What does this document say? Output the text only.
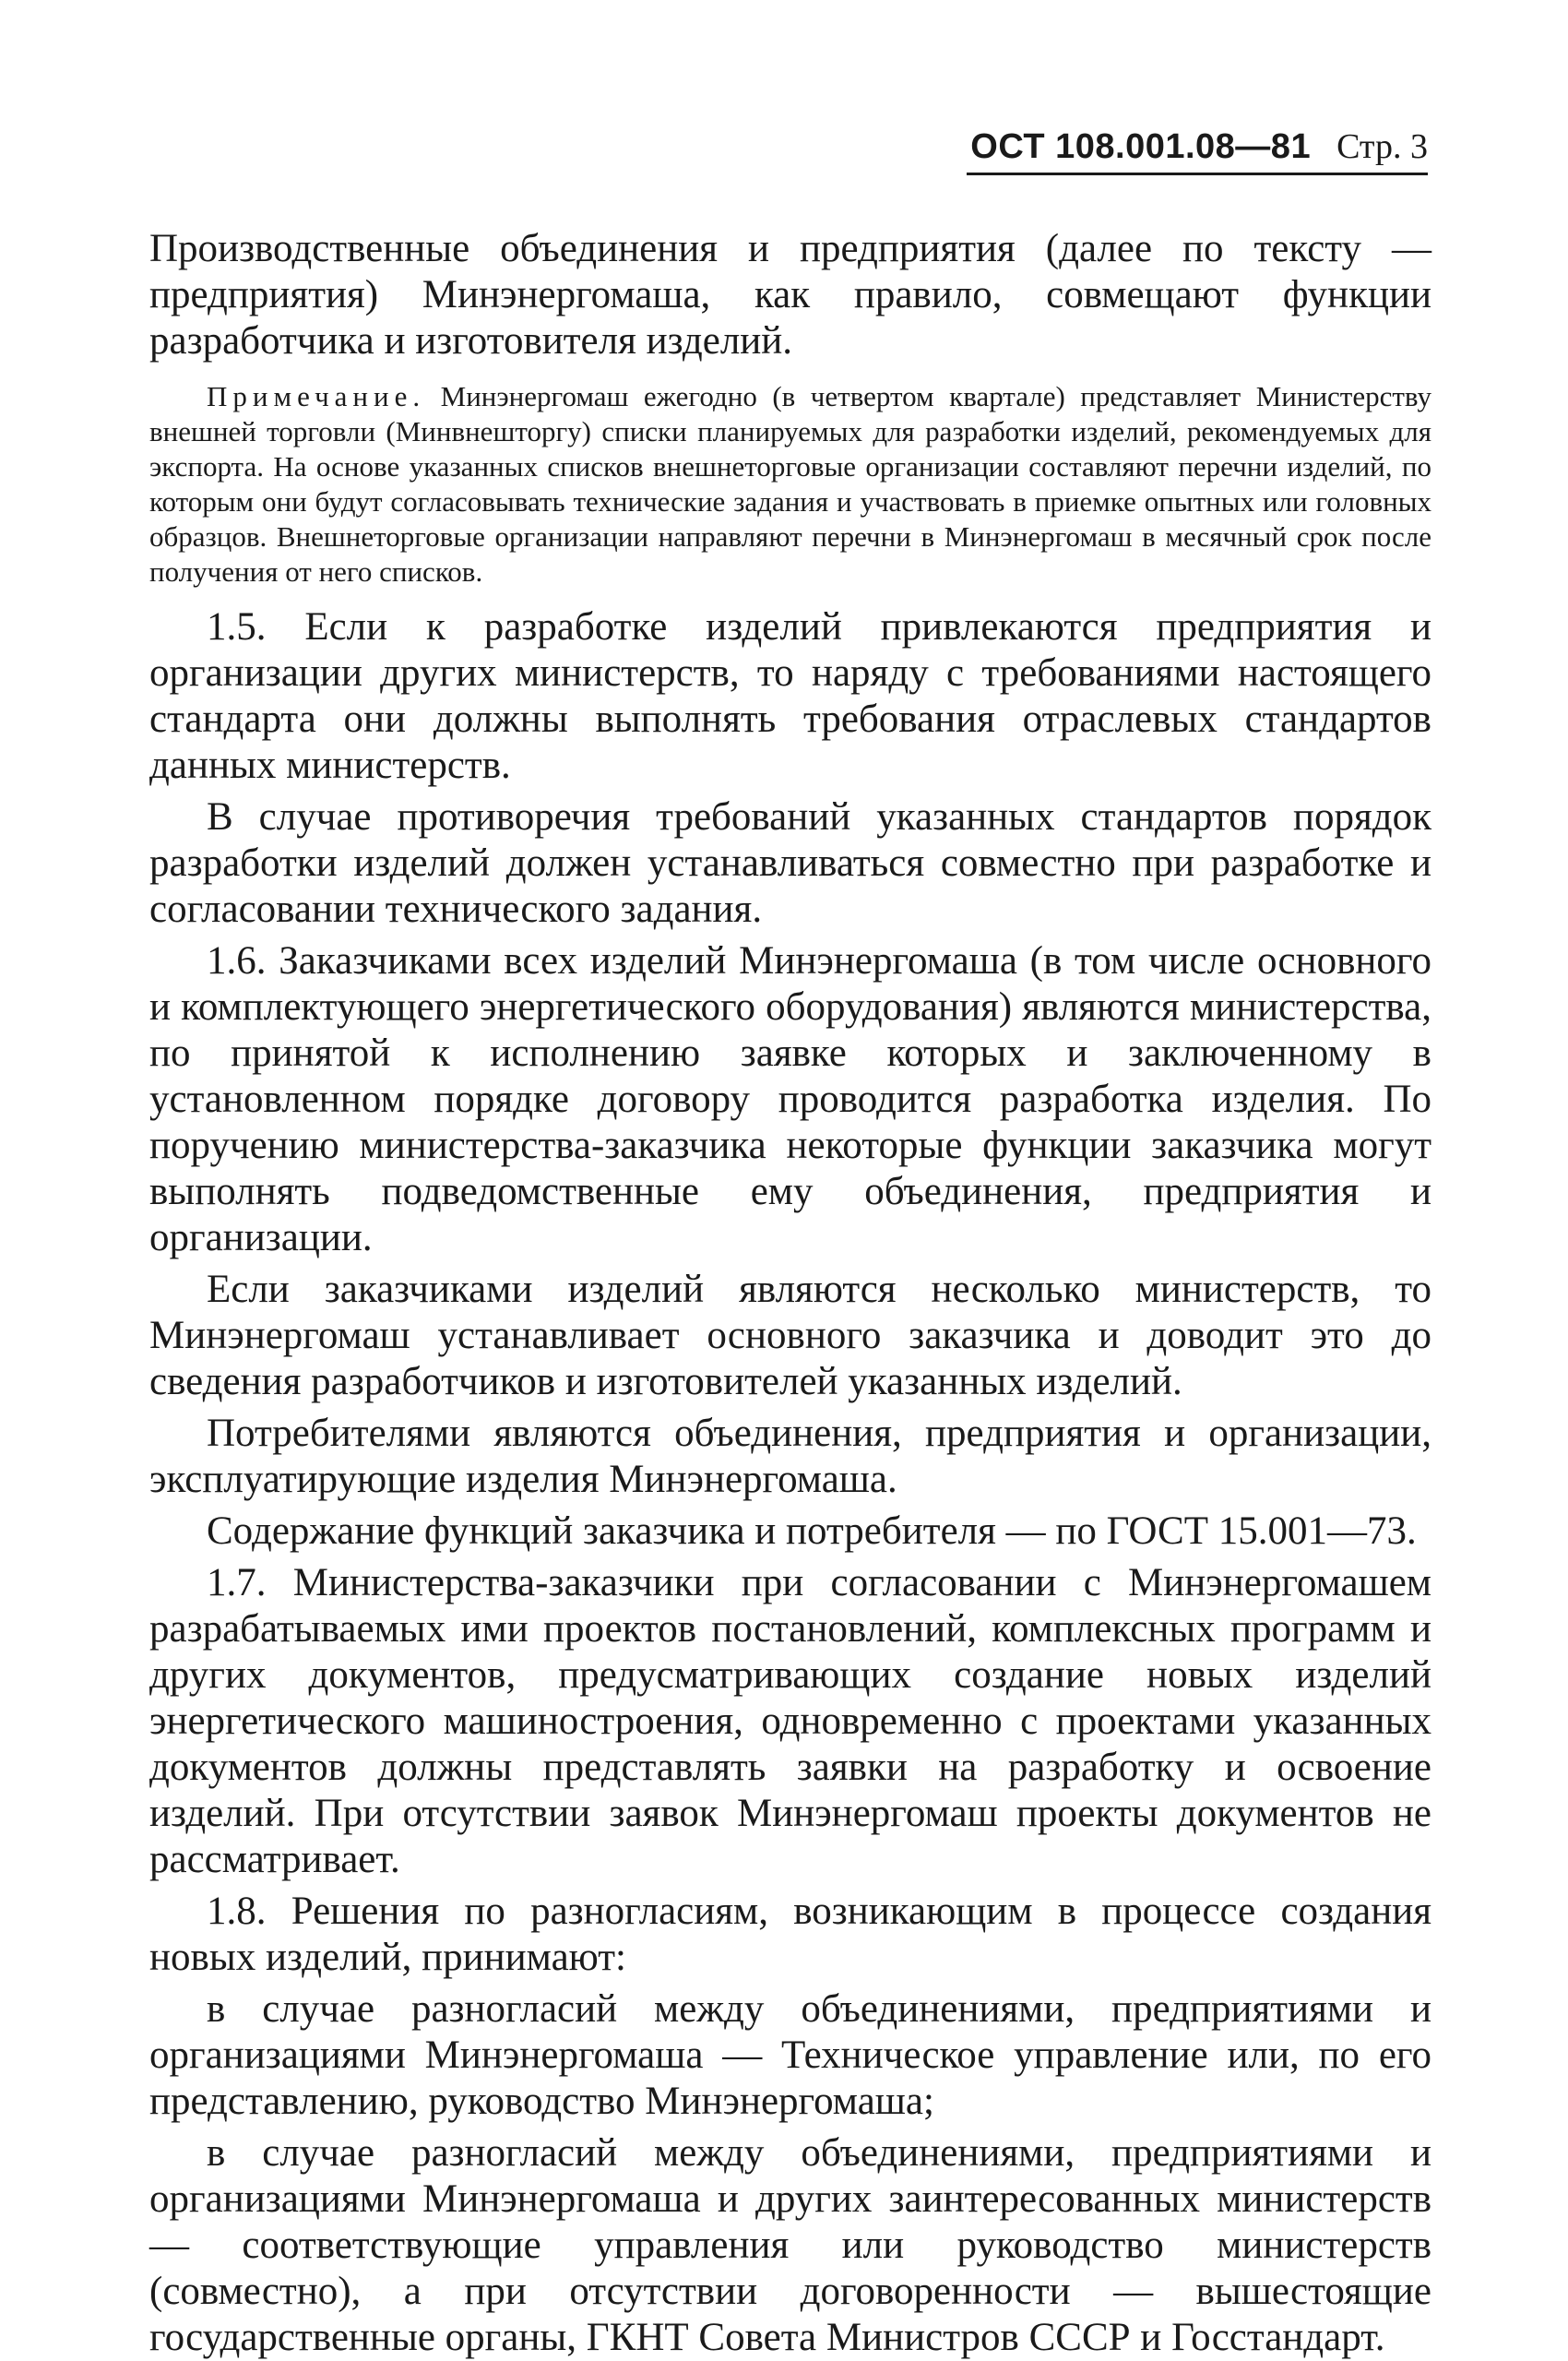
ОСТ 108.001.08—81 Стр. 3

Производственные объединения и предприятия (далее по тексту — предприятия) Минэнергомаша, как правило, совмещают функции разработчика и изготовителя изделий.

Примечание. Минэнергомаш ежегодно (в четвертом квартале) представляет Министерству внешней торговли (Минвнешторгу) списки планируемых для разработки изделий, рекомендуемых для экспорта. На основе указанных списков внешнеторговые организации составляют перечни изделий, по которым они будут согласовывать технические задания и участвовать в приемке опытных или головных образцов. Внешнеторговые организации направляют перечни в Минэнергомаш в месячный срок после получения от него списков.

1.5. Если к разработке изделий привлекаются предприятия и организации других министерств, то наряду с требованиями настоящего стандарта они должны выполнять требования отраслевых стандартов данных министерств.

В случае противоречия требований указанных стандартов порядок разработки изделий должен устанавливаться совместно при разработке и согласовании технического задания.

1.6. Заказчиками всех изделий Минэнергомаша (в том числе основного и комплектующего энергетического оборудования) являются министерства, по принятой к исполнению заявке которых и заключенному в установленном порядке договору проводится разработка изделия. По поручению министерства-заказчика некоторые функции заказчика могут выполнять подведомственные ему объединения, предприятия и организации.

Если заказчиками изделий являются несколько министерств, то Минэнергомаш устанавливает основного заказчика и доводит это до сведения разработчиков и изготовителей указанных изделий.

Потребителями являются объединения, предприятия и организации, эксплуатирующие изделия Минэнергомаша.

Содержание функций заказчика и потребителя — по ГОСТ 15.001—73.

1.7. Министерства-заказчики при согласовании с Минэнергомашем разрабатываемых ими проектов постановлений, комплексных программ и других документов, предусматривающих создание новых изделий энергетического машиностроения, одновременно с проектами указанных документов должны представлять заявки на разработку и освоение изделий. При отсутствии заявок Минэнергомаш проекты документов не рассматривает.

1.8. Решения по разногласиям, возникающим в процессе создания новых изделий, принимают:

в случае разногласий между объединениями, предприятиями и организациями Минэнергомаша — Техническое управление или, по его представлению, руководство Минэнергомаша;

в случае разногласий между объединениями, предприятиями и организациями Минэнергомаша и других заинтересованных министерств — соответствующие управления или руководство министерств (совместно), а при отсутствии договоренности — вышестоящие государственные органы, ГКНТ Совета Министров СССР и Госстандарт.
